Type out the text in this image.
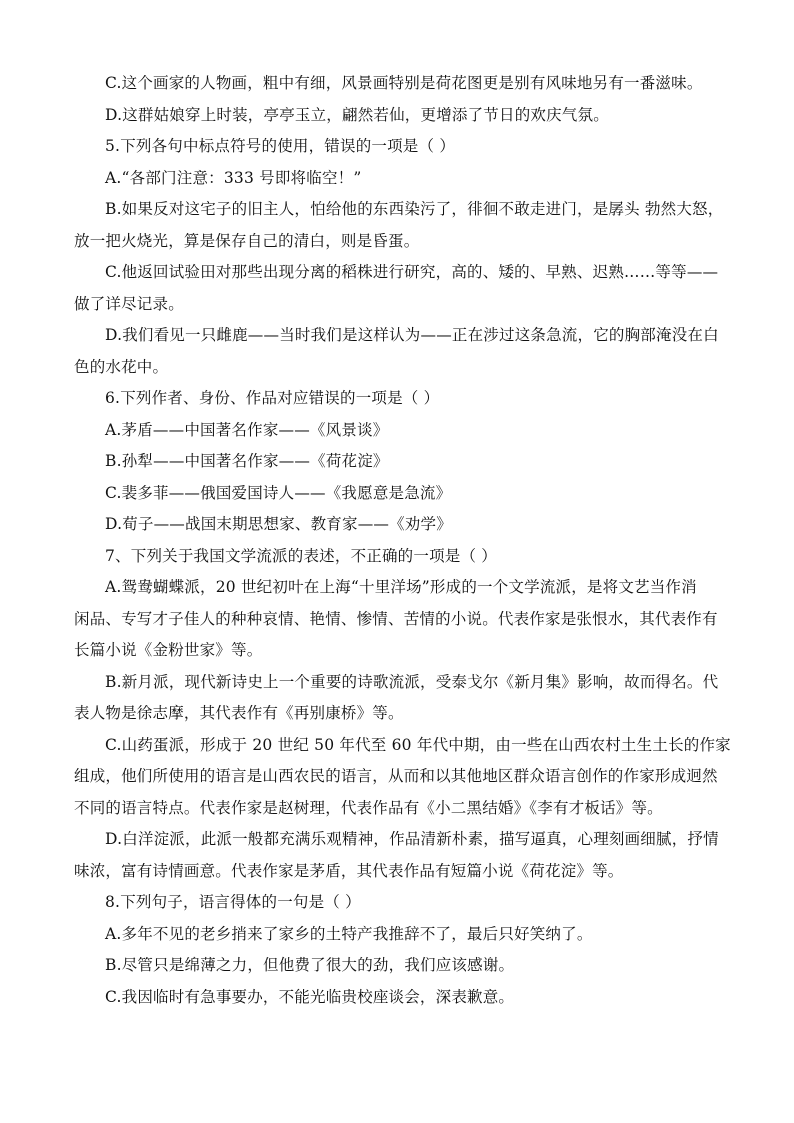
C.这个画家的人物画，粗中有细，风景画特别是荷花图更是别有风味地另有一番滋味。
D.这群姑娘穿上时装，亭亭玉立，翩然若仙，更增添了节日的欢庆气氛。
5.下列各句中标点符号的使用，错误的一项是（ ）
A.“各部门注意：333 号即将临空！”
B.如果反对这宅子的旧主人，怕给他的东西染污了，徘徊不敢走进门，是孱头 勃然大怒，
放一把火烧光，算是保存自己的清白，则是昏蛋。
C.他返回试验田对那些出现分离的稻株进行研究，高的、矮的、早熟、迟熟……等等——
做了详尽记录。
D.我们看见一只雌鹿——当时我们是这样认为——正在涉过这条急流，它的胸部淹没在白
色的水花中。
6.下列作者、身份、作品对应错误的一项是（ ）
A.茅盾——中国著名作家——《风景谈》
B.孙犁——中国著名作家——《荷花淀》
C.裴多菲——俄国爱国诗人——《我愿意是急流》
D.荀子——战国末期思想家、教育家——《劝学》
7、下列关于我国文学流派的表述，不正确的一项是（ ）
A.鸳鸯蝴蝶派，20 世纪初叶在上海“十里洋场”形成的一个文学流派，是将文艺当作消
闲品、专写才子佳人的种种哀情、艳情、惨情、苦情的小说。代表作家是张恨水，其代表作有
长篇小说《金粉世家》等。
B.新月派，现代新诗史上一个重要的诗歌流派，受泰戈尔《新月集》影响，故而得名。代
表人物是徐志摩，其代表作有《再别康桥》等。
C.山药蛋派，形成于 20 世纪 50 年代至 60 年代中期，由一些在山西农村土生土长的作家
组成，他们所使用的语言是山西农民的语言，从而和以其他地区群众语言创作的作家形成迥然
不同的语言特点。代表作家是赵树理，代表作品有《小二黑结婚》《李有才板话》等。
D.白洋淀派，此派一般都充满乐观精神，作品清新朴素，描写逼真，心理刻画细腻，抒情
味浓，富有诗情画意。代表作家是茅盾，其代表作品有短篇小说《荷花淀》等。
8.下列句子，语言得体的一句是（ ）
A.多年不见的老乡捎来了家乡的土特产我推辞不了，最后只好笑纳了。
B.尽管只是绵薄之力，但他费了很大的劲，我们应该感谢。
C.我因临时有急事要办，不能光临贵校座谈会，深表歉意。
